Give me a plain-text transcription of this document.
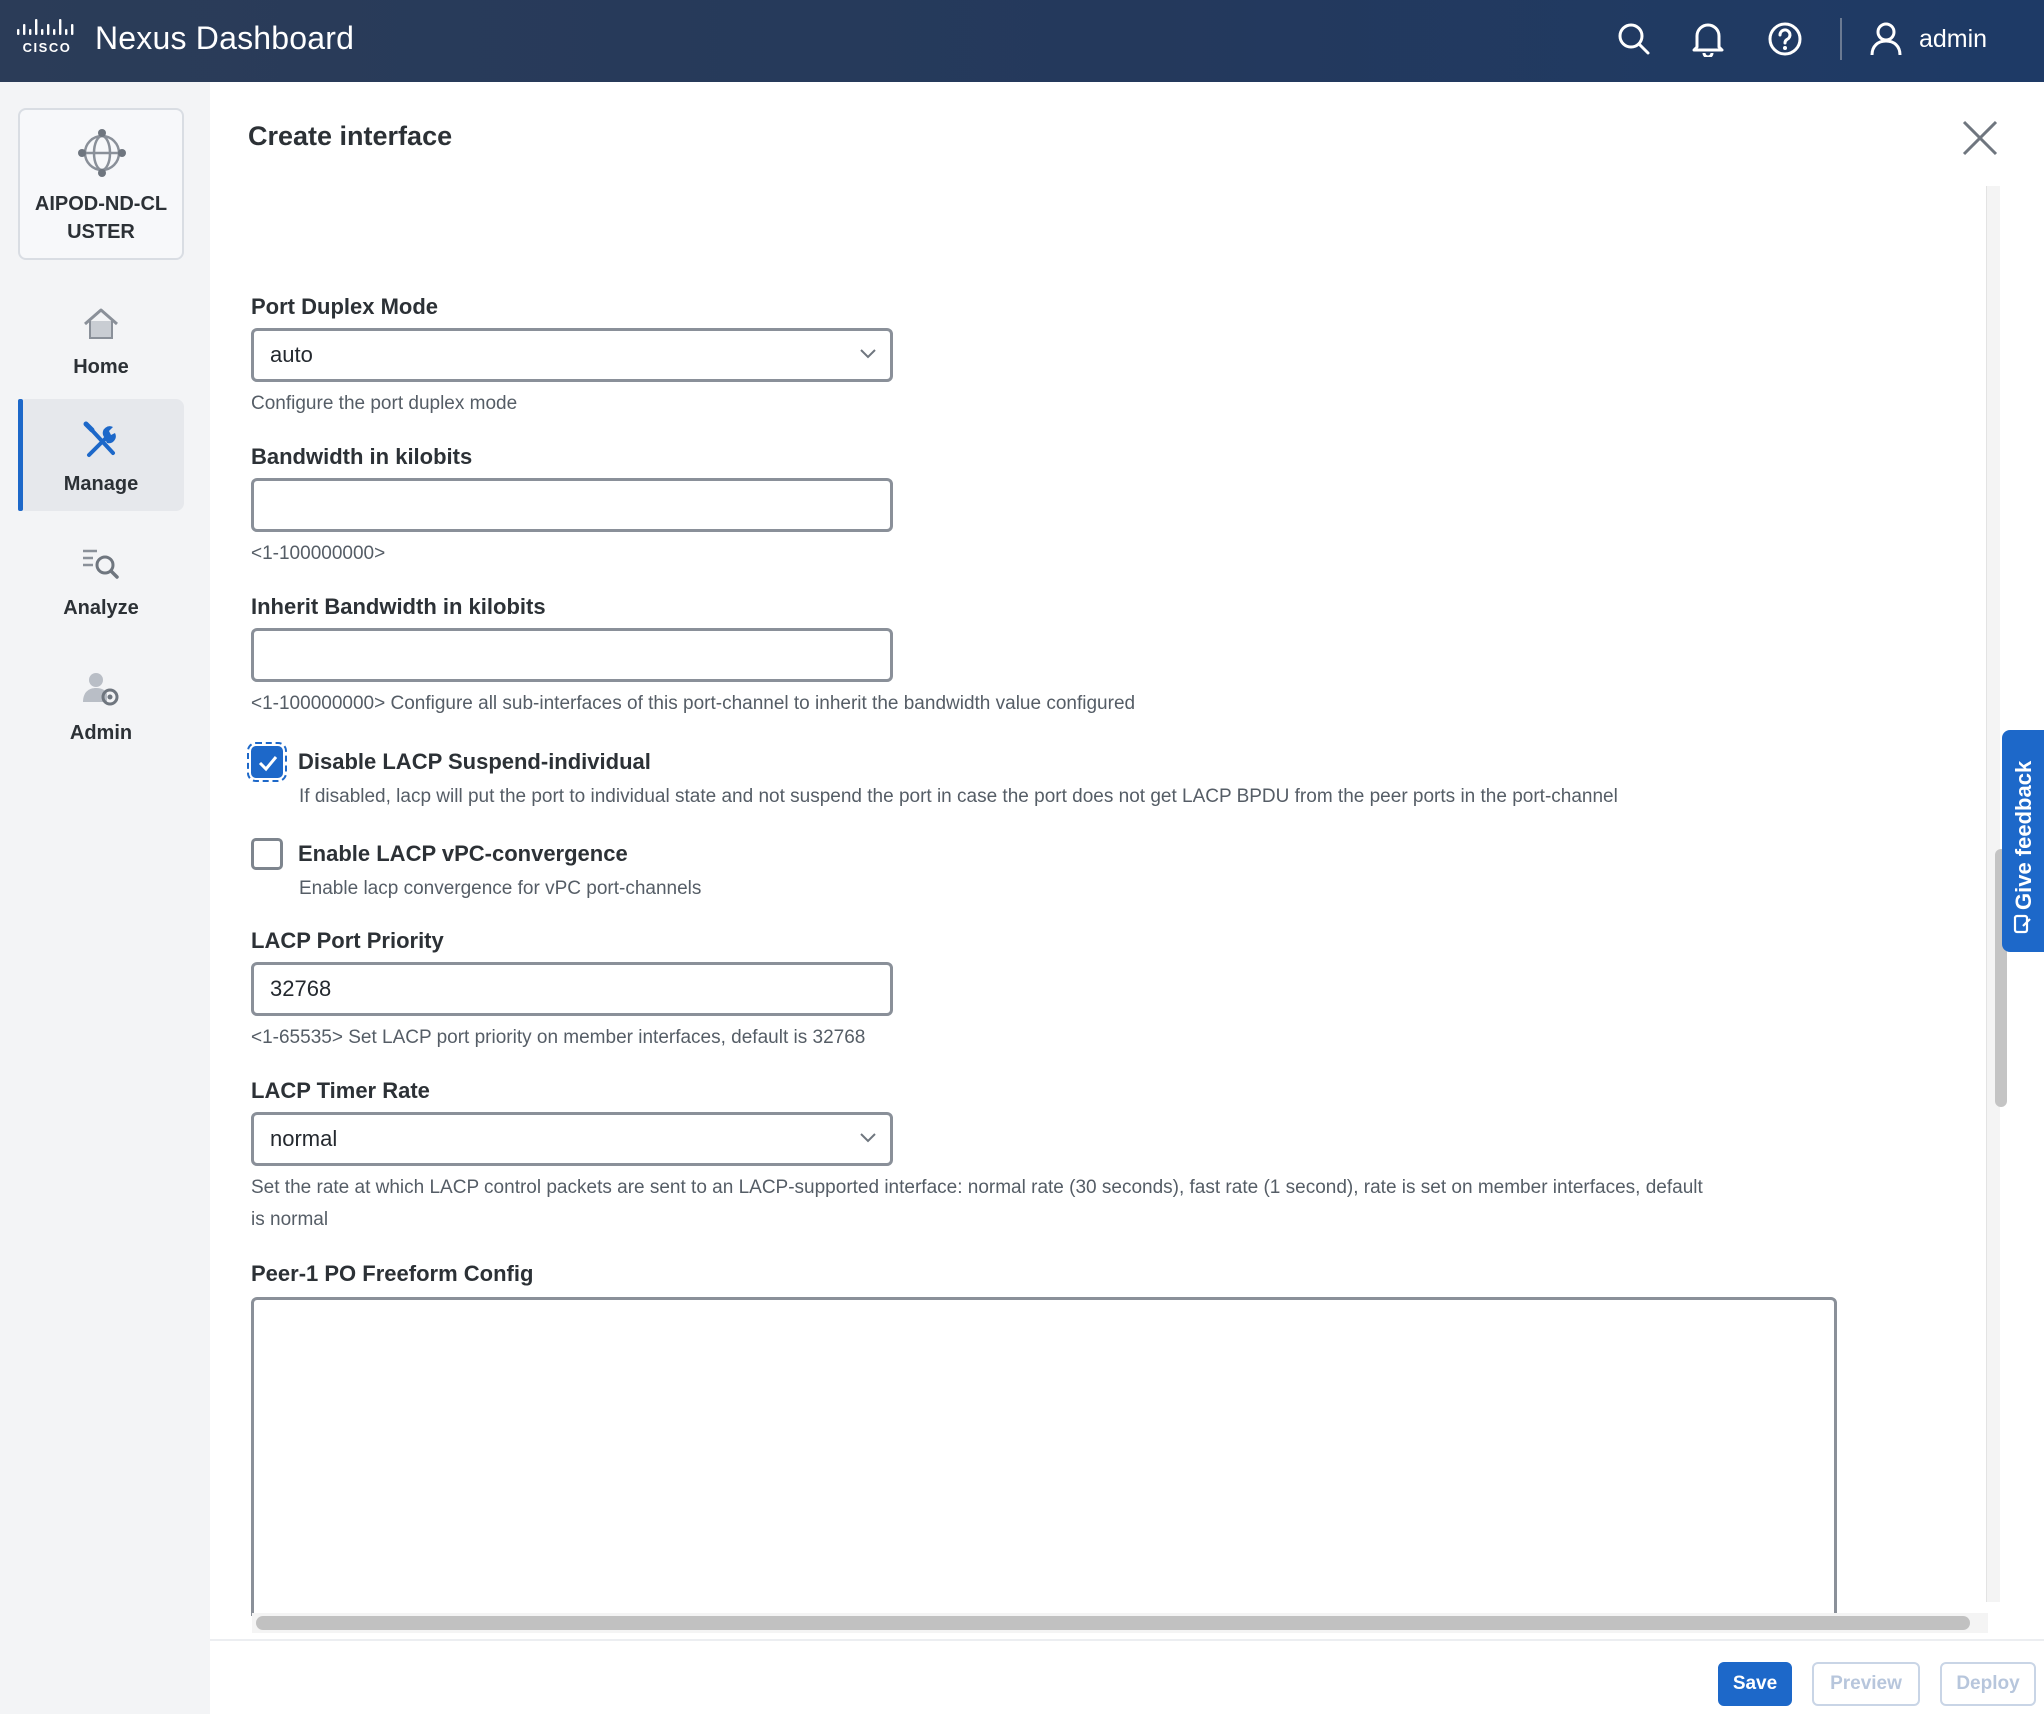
CISCO Nexus Dashboard	admin
AIPOD-ND-CLUSTER
Home
Manage
Analyze
Admin
Create interface
Port Duplex Mode
auto
Configure the port duplex mode
Bandwidth in kilobits
<1-100000000>
Inherit Bandwidth in kilobits
<1-100000000> Configure all sub-interfaces of this port-channel to inherit the bandwidth value configured
Disable LACP Suspend-individual
If disabled, lacp will put the port to individual state and not suspend the port in case the port does not get LACP BPDU from the peer ports in the port-channel
Enable LACP vPC-convergence
Enable lacp convergence for vPC port-channels
LACP Port Priority
32768
<1-65535> Set LACP port priority on member interfaces, default is 32768
LACP Timer Rate
normal
Set the rate at which LACP control packets are sent to an LACP-supported interface: normal rate (30 seconds), fast rate (1 second), rate is set on member interfaces, default
is normal
Peer-1 PO Freeform Config
Save	Preview	Deploy
Give feedback
